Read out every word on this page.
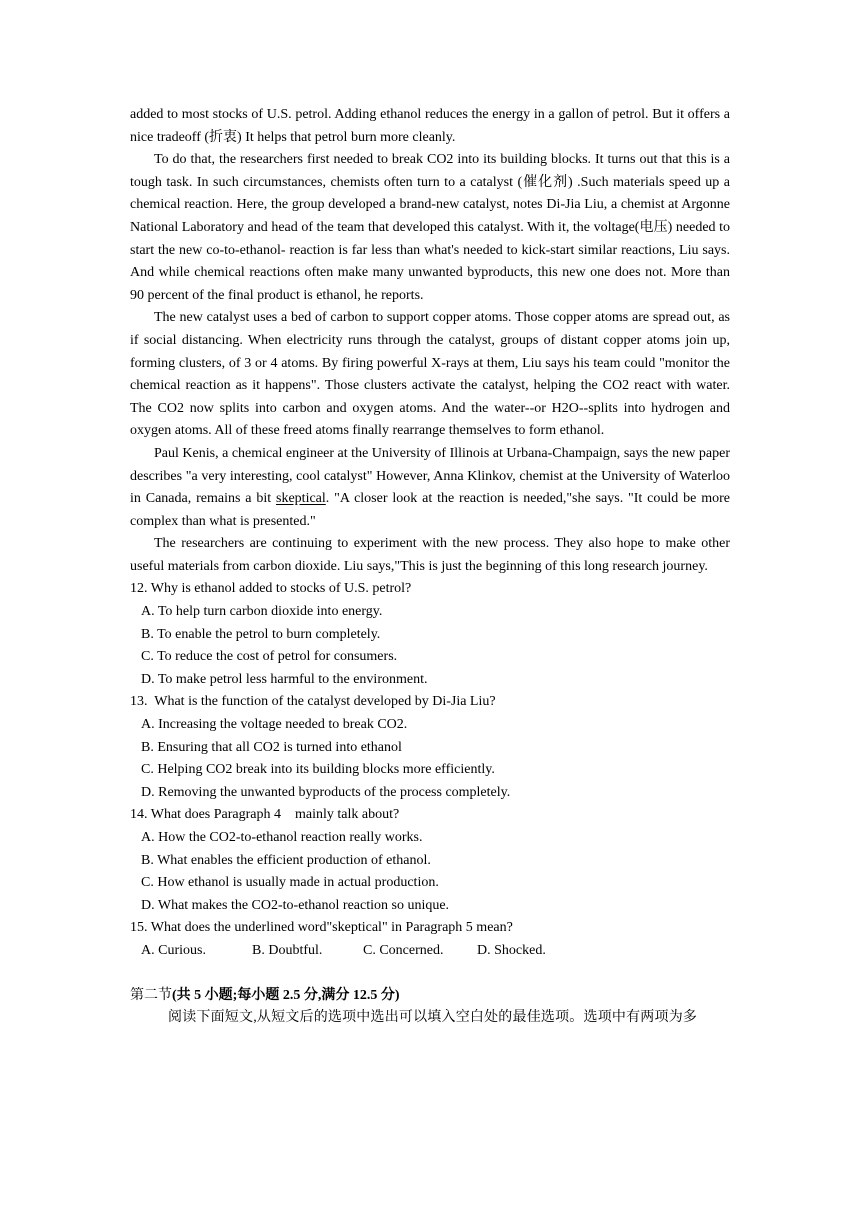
added to most stocks of U.S. petrol. Adding ethanol reduces the energy in a gallon of petrol. But it offers a nice tradeoff (折衷) It helps that petrol burn more cleanly.

To do that, the researchers first needed to break CO2 into its building blocks. It turns out that this is a tough task. In such circumstances, chemists often turn to a catalyst (催化剂) .Such materials speed up a chemical reaction. Here, the group developed a brand-new catalyst, notes Di-Jia Liu, a chemist at Argonne National Laboratory and head of the team that developed this catalyst. With it, the voltage(电压) needed to start the new co-to-ethanol- reaction is far less than what's needed to kick-start similar reactions, Liu says. And while chemical reactions often make many unwanted byproducts, this new one does not. More than 90 percent of the final product is ethanol, he reports.

The new catalyst uses a bed of carbon to support copper atoms. Those copper atoms are spread out, as if social distancing. When electricity runs through the catalyst, groups of distant copper atoms join up, forming clusters, of 3 or 4 atoms. By firing powerful X-rays at them, Liu says his team could "monitor the chemical reaction as it happens". Those clusters activate the catalyst, helping the CO2 react with water. The CO2 now splits into carbon and oxygen atoms. And the water--or H2O--splits into hydrogen and oxygen atoms. All of these freed atoms finally rearrange themselves to form ethanol.

Paul Kenis, a chemical engineer at the University of Illinois at Urbana-Champaign, says the new paper describes "a very interesting, cool catalyst" However, Anna Klinkov, chemist at the University of Waterloo in Canada, remains a bit skeptical. "A closer look at the reaction is needed,"she says. "It could be more complex than what is presented."

The researchers are continuing to experiment with the new process. They also hope to make other useful materials from carbon dioxide. Liu says,"This is just the beginning of this long research journey.

12. Why is ethanol added to stocks of U.S. petrol?

A. To help turn carbon dioxide into energy.

B. To enable the petrol to burn completely.

C. To reduce the cost of petrol for consumers.

D. To make petrol less harmful to the environment.

13.  What is the function of the catalyst developed by Di-Jia Liu?

A. Increasing the voltage needed to break CO2.

B. Ensuring that all CO2 is turned into ethanol

C. Helping CO2 break into its building blocks more efficiently.

D. Removing the unwanted byproducts of the process completely.

14. What does Paragraph 4    mainly talk about?

A. How the CO2-to-ethanol reaction really works.

B. What enables the efficient production of ethanol.

C. How ethanol is usually made in actual production.

D. What makes the CO2-to-ethanol reaction so unique.

15. What does the underlined word"skeptical" in Paragraph 5 mean?

A. Curious.	B. Doubtful.	C. Concerned. D. Shocked.

第二节(共 5 小题;每小题 2.5 分,满分 12.5 分)

阅读下面短文,从短文后的选项中选出可以填入空白处的最佳选项。选项中有两项为多
